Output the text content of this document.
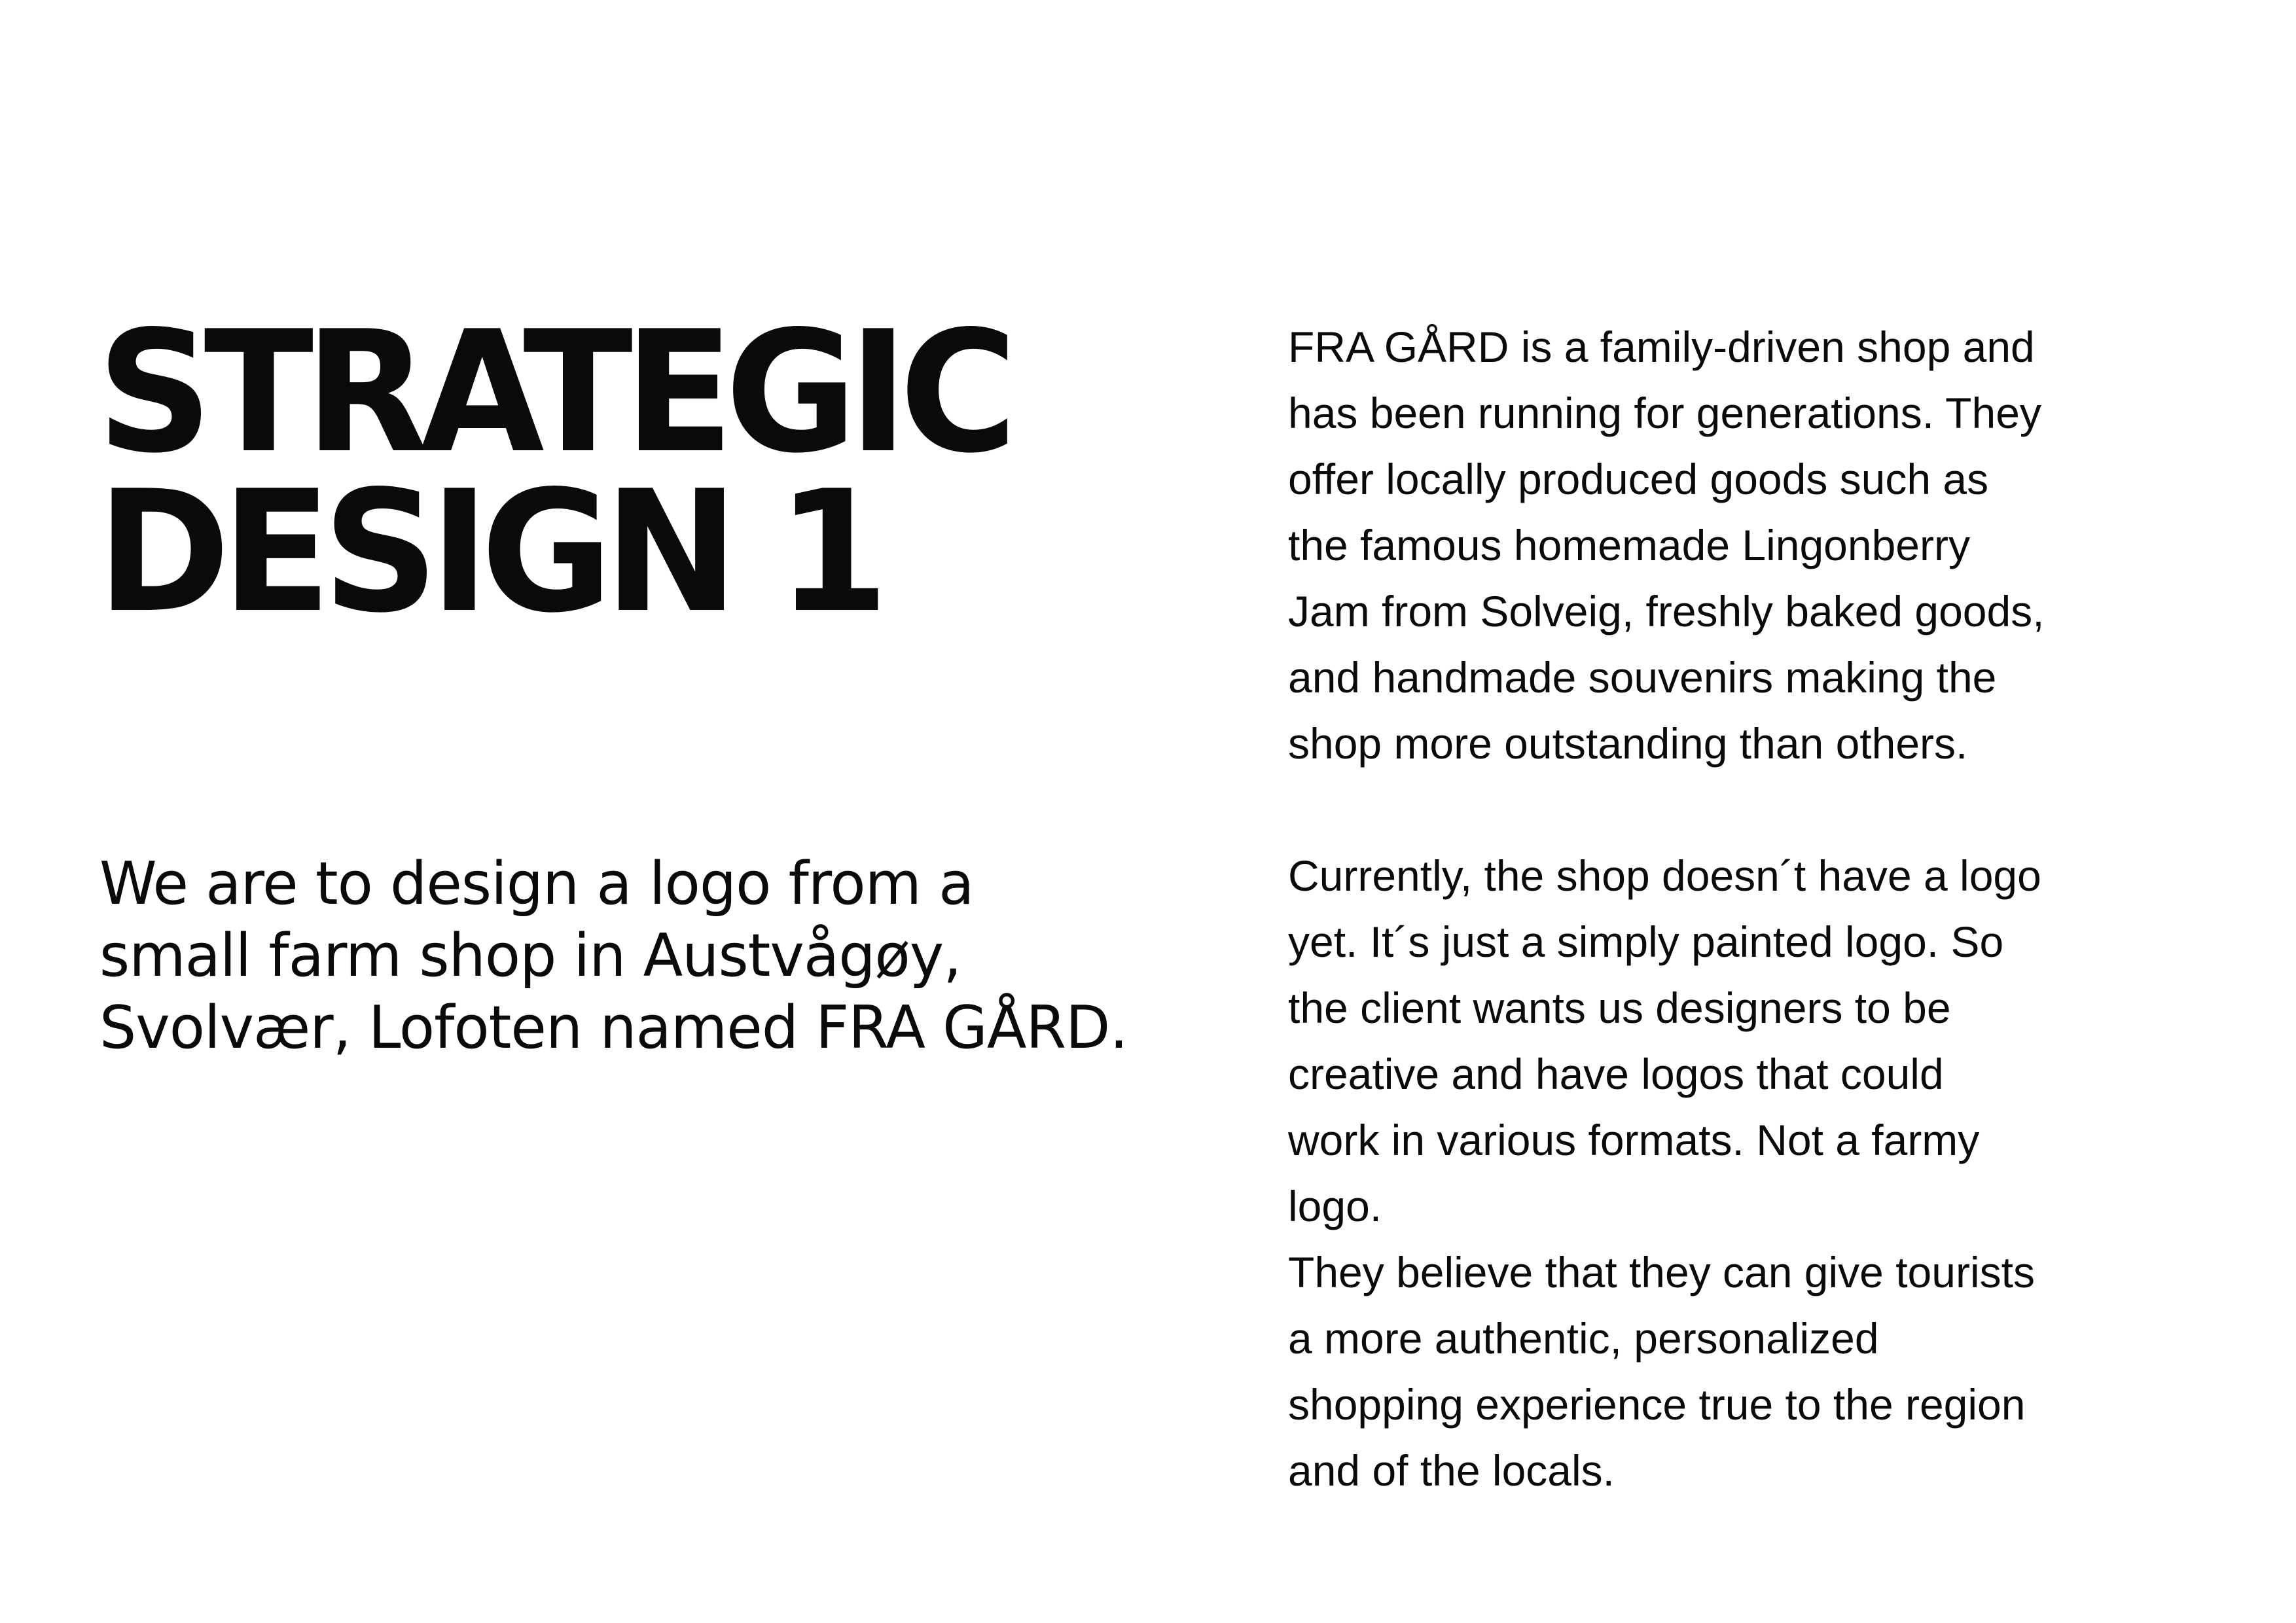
STRATEGIC
DESIGN 1

We are to design a logo from a
small farm shop in Austvågøy,
Svolvær, Lofoten named FRA GÅRD.

FRA GÅRD is a family-driven shop and
has been running for generations. They
offer locally produced goods such as
the famous homemade Lingonberry
Jam from Solveig, freshly baked goods,
and handmade souvenirs making the
shop more outstanding than others.

Currently, the shop doesn´t have a logo
yet. It´s just a simply painted logo. So
the client wants us designers to be
creative and have logos that could
work in various formats. Not a farmy
logo.

They believe that they can give tourists
a more authentic, personalized
shopping experience true to the region
and of the locals.
